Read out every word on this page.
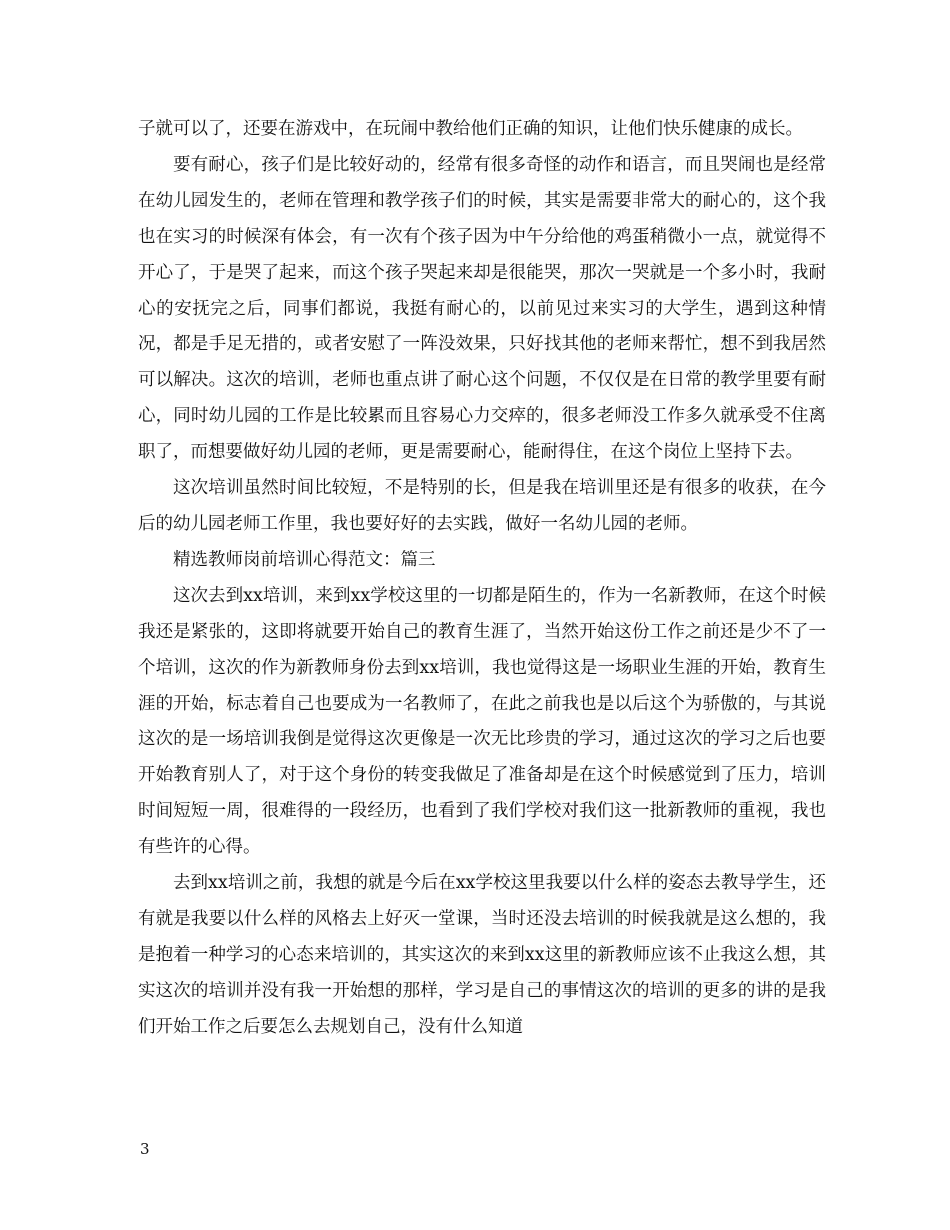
子就可以了，还要在游戏中，在玩闹中教给他们正确的知识，让他们快乐健康的成长。

要有耐心，孩子们是比较好动的，经常有很多奇怪的动作和语言，而且哭闹也是经常在幼儿园发生的，老师在管理和教学孩子们的时候，其实是需要非常大的耐心的，这个我也在实习的时候深有体会，有一次有个孩子因为中午分给他的鸡蛋稍微小一点，就觉得不开心了，于是哭了起来，而这个孩子哭起来却是很能哭，那次一哭就是一个多小时，我耐心的安抚完之后，同事们都说，我挺有耐心的，以前见过来实习的大学生，遇到这种情况，都是手足无措的，或者安慰了一阵没效果，只好找其他的老师来帮忙，想不到我居然可以解决。这次的培训，老师也重点讲了耐心这个问题，不仅仅是在日常的教学里要有耐心，同时幼儿园的工作是比较累而且容易心力交瘁的，很多老师没工作多久就承受不住离职了，而想要做好幼儿园的老师，更是需要耐心，能耐得住，在这个岗位上坚持下去。

这次培训虽然时间比较短，不是特别的长，但是我在培训里还是有很多的收获，在今后的幼儿园老师工作里，我也要好好的去实践，做好一名幼儿园的老师。

精选教师岗前培训心得范文：篇三

这次去到xx培训，来到xx学校这里的一切都是陌生的，作为一名新教师，在这个时候我还是紧张的，这即将就要开始自己的教育生涯了，当然开始这份工作之前还是少不了一个培训，这次的作为新教师身份去到xx培训，我也觉得这是一场职业生涯的开始，教育生涯的开始，标志着自己也要成为一名教师了，在此之前我也是以后这个为骄傲的，与其说这次的是一场培训我倒是觉得这次更像是一次无比珍贵的学习，通过这次的学习之后也要开始教育别人了，对于这个身份的转变我做足了准备却是在这个时候感觉到了压力，培训时间短短一周，很难得的一段经历，也看到了我们学校对我们这一批新教师的重视，我也有些许的心得。

去到xx培训之前，我想的就是今后在xx学校这里我要以什么样的姿态去教导学生，还有就是我要以什么样的风格去上好灭一堂课，当时还没去培训的时候我就是这么想的，我是抱着一种学习的心态来培训的，其实这次的来到xx这里的新教师应该不止我这么想，其实这次的培训并没有我一开始想的那样，学习是自己的事情这次的培训的更多的讲的是我们开始工作之后要怎么去规划自己，没有什么知道

3
